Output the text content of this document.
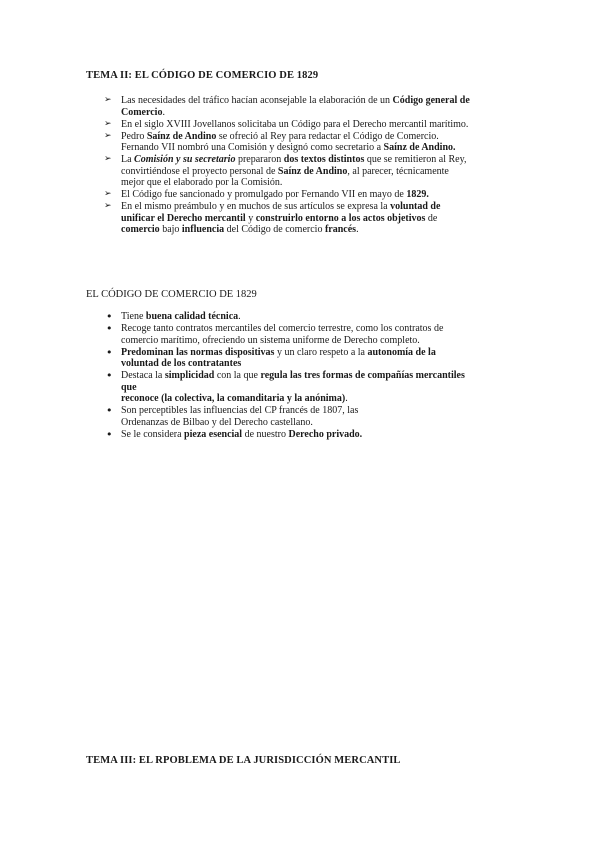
TEMA II: EL CÓDIGO DE COMERCIO DE 1829
➢ Las necesidades del tráfico hacían aconsejable la elaboración de un Código general de
Comercio.
➢ En el siglo XVIII Jovellanos solicitaba un Código para el Derecho mercantil marítimo.
➢ Pedro Saínz de Andino se ofreció al Rey para redactar el Código de Comercio.
Fernando VII nombró una Comisión y designó como secretario a Saínz de Andino.
➢ La Comisión y su secretario prepararon dos textos distintos que se remitieron al Rey,
convirtiéndose el proyecto personal de Saínz de Andino, al parecer, técnicamente
mejor que el elaborado por la Comisión.
➢ El Código fue sancionado y promulgado por Fernando VII en mayo de 1829.
➢ En el mismo preámbulo y en muchos de sus artículos se expresa la voluntad de
unificar el Derecho mercantil y construirlo entorno a los actos objetivos de
comercio bajo influencia del Código de comercio francés.
EL CÓDIGO DE COMERCIO DE 1829
• Tiene buena calidad técnica.
• Recoge tanto contratos mercantiles del comercio terrestre, como los contratos de
comercio marítimo, ofreciendo un sistema uniforme de Derecho completo.
• Predominan las normas dispositivas y un claro respeto a la autonomía de la
voluntad de los contratantes
• Destaca la simplicidad con la que regula las tres formas de compañías mercantiles
que
reconoce (la colectiva, la comanditaria y la anónima).
• Son perceptibles las influencias del CP francés de 1807, las
Ordenanzas de Bilbao y del Derecho castellano.
• Se le considera pieza esencial de nuestro Derecho privado.
TEMA III: EL RPOBLEMA DE LA JURISDICCIÓN MERCANTIL
